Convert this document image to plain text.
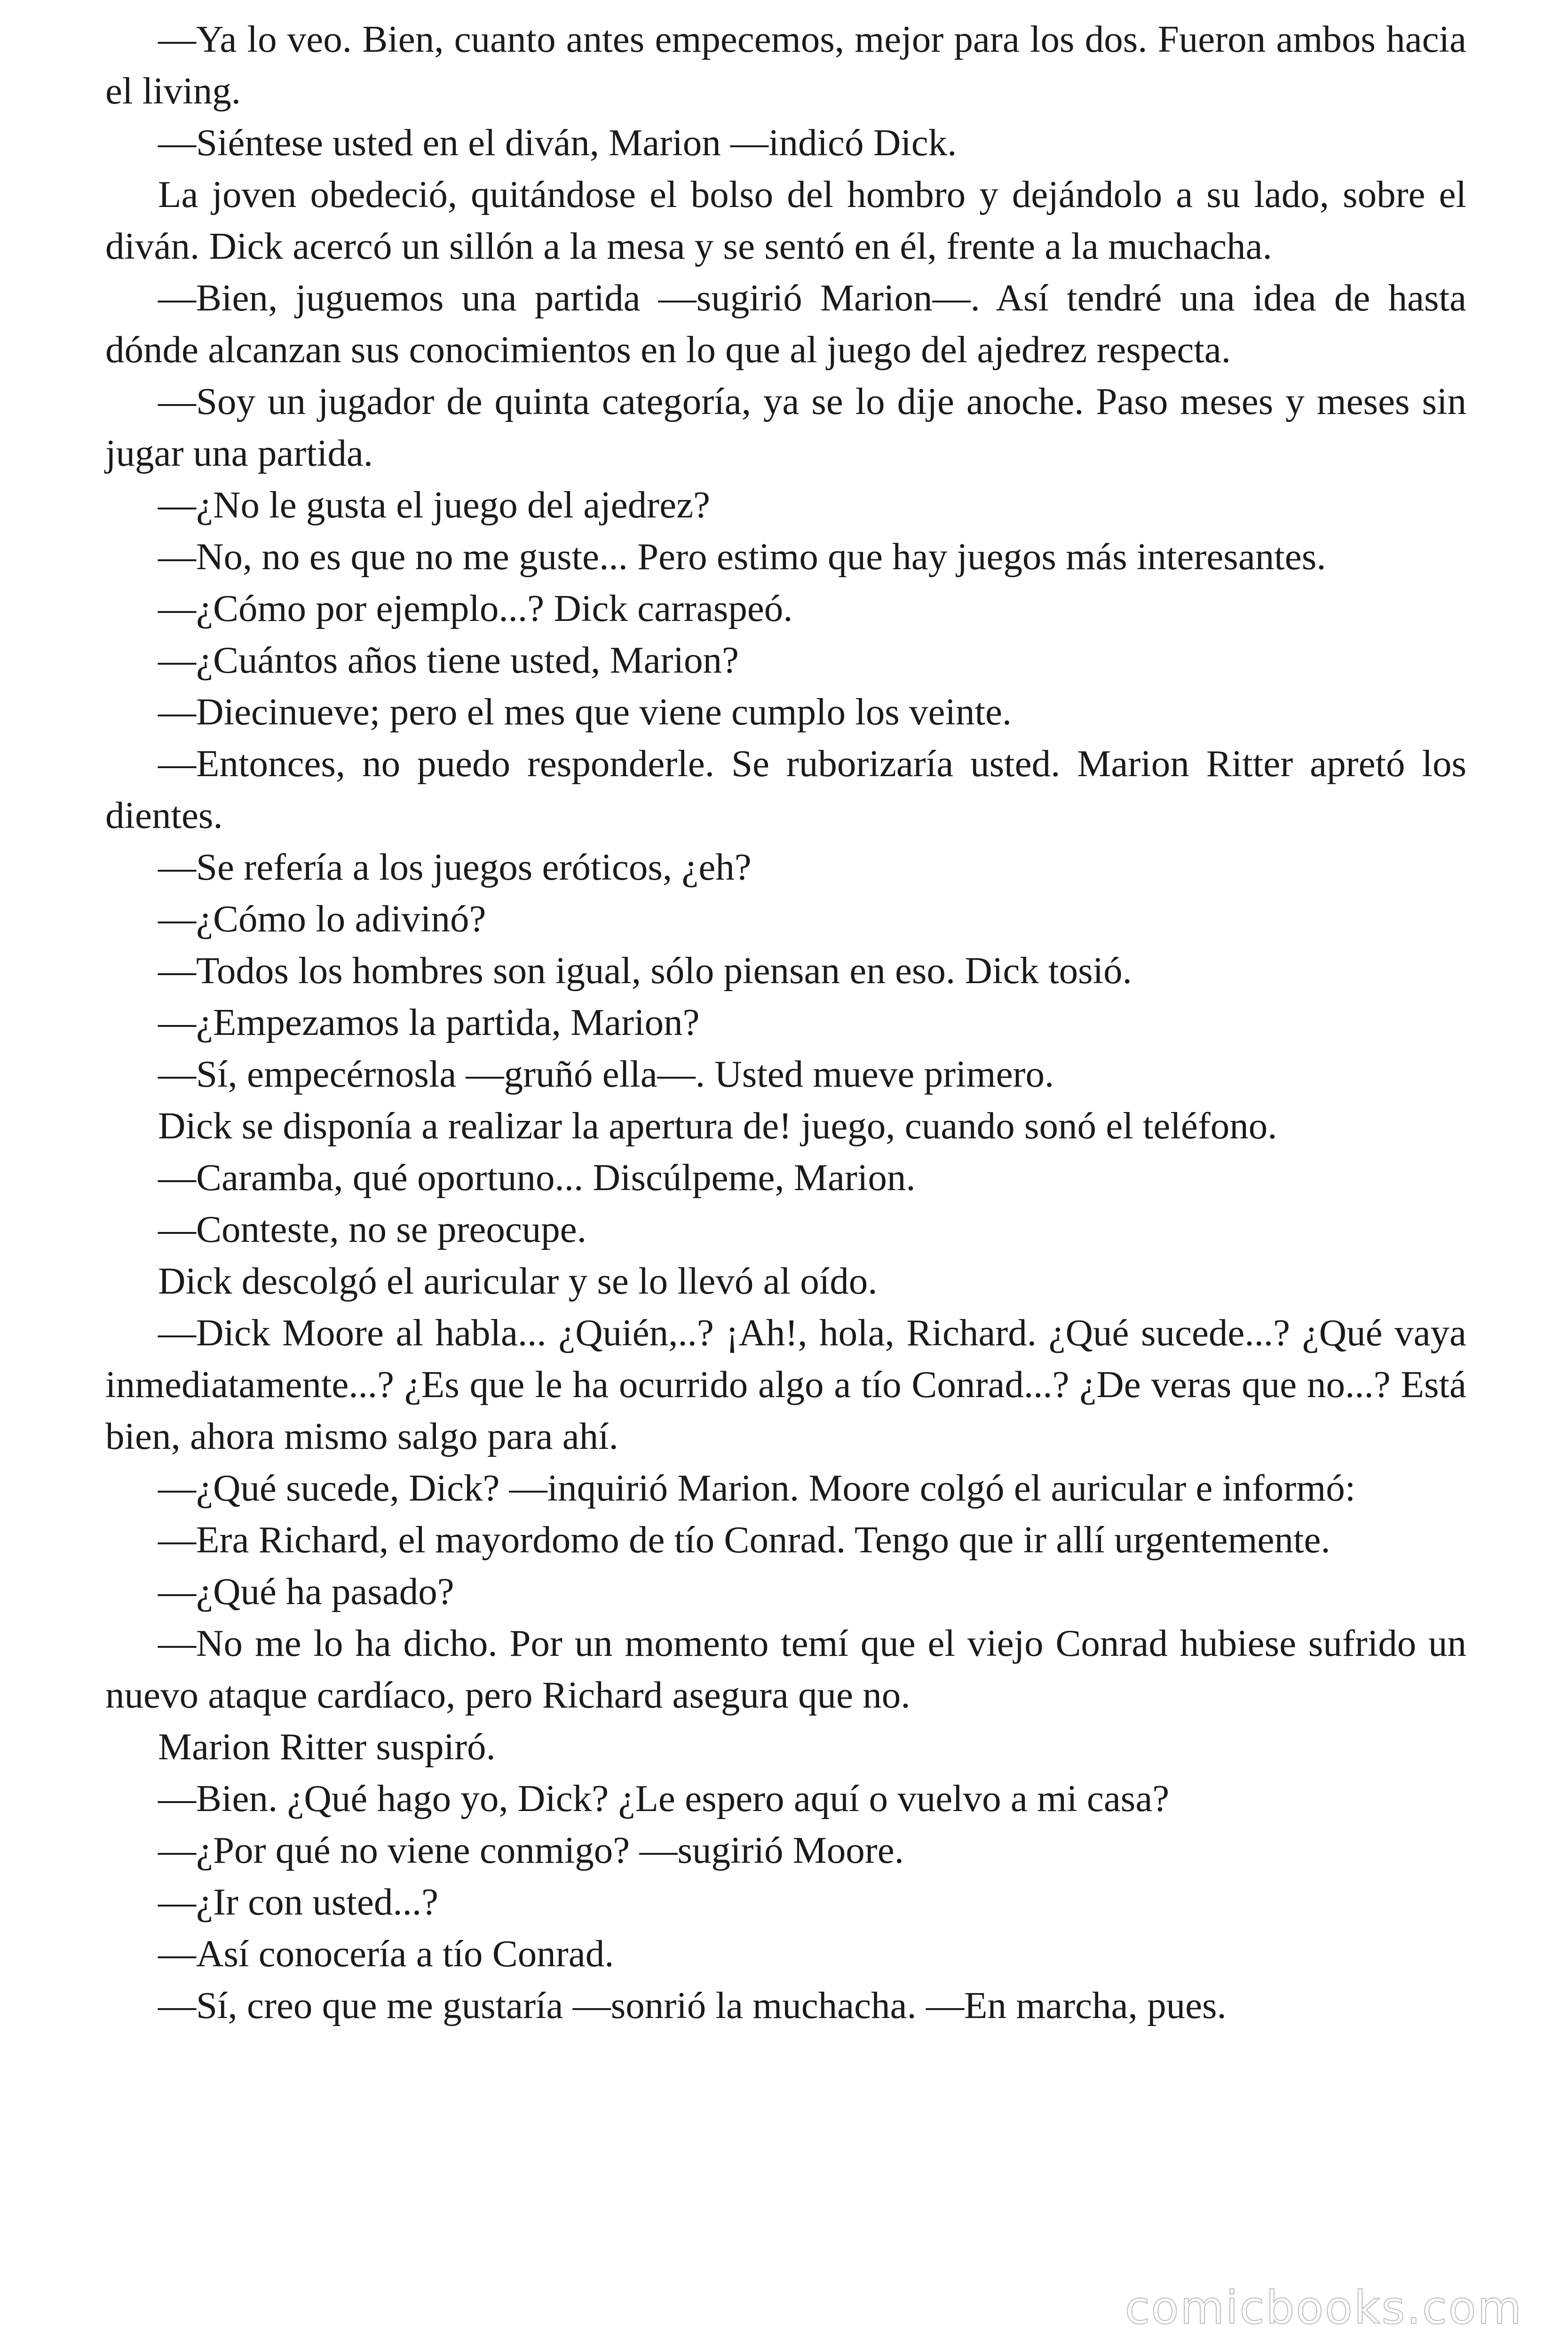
—Ya lo veo. Bien, cuanto antes empecemos, mejor para los dos. Fueron ambos hacia el living.

—Siéntese usted en el diván, Marion —indicó Dick.

La joven obedeció, quitándose el bolso del hombro y dejándolo a su lado, sobre el diván. Dick acercó un sillón a la mesa y se sentó en él, frente a la muchacha.

—Bien, juguemos una partida —sugirió Marion—. Así tendré una idea de hasta dónde alcanzan sus conocimientos en lo que al juego del ajedrez respecta.

—Soy un jugador de quinta categoría, ya se lo dije anoche. Paso meses y meses sin jugar una partida.

—¿No le gusta el juego del ajedrez?

—No, no es que no me guste... Pero estimo que hay juegos más interesantes.

—¿Cómo por ejemplo...? Dick carraspeó.

—¿Cuántos años tiene usted, Marion?

—Diecinueve; pero el mes que viene cumplo los veinte.

—Entonces, no puedo responderle. Se ruborizaría usted. Marion Ritter apretó los dientes.

—Se refería a los juegos eróticos, ¿eh?

—¿Cómo lo adivinó?

—Todos los hombres son igual, sólo piensan en eso. Dick tosió.

—¿Empezamos la partida, Marion?

—Sí, empecérnosla —gruñó ella—. Usted mueve primero.

Dick se disponía a realizar la apertura de! juego, cuando sonó el teléfono.

—Caramba, qué oportuno... Discúlpeme, Marion.

—Conteste, no se preocupe.

Dick descolgó el auricular y se lo llevó al oído.

—Dick Moore al habla... ¿Quién,..? ¡Ah!, hola, Richard. ¿Qué sucede...? ¿Qué vaya inmediatamente...? ¿Es que le ha ocurrido algo a tío Conrad...? ¿De veras que no...? Está bien, ahora mismo salgo para ahí.

—¿Qué sucede, Dick? —inquirió Marion. Moore colgó el auricular e informó:

—Era Richard, el mayordomo de tío Conrad. Tengo que ir allí urgentemente.

—¿Qué ha pasado?

—No me lo ha dicho. Por un momento temí que el viejo Conrad hubiese sufrido un nuevo ataque cardíaco, pero Richard asegura que no.

Marion Ritter suspiró.

—Bien. ¿Qué hago yo, Dick? ¿Le espero aquí o vuelvo a mi casa?

—¿Por qué no viene conmigo? —sugirió Moore.

—¿Ir con usted...?

—Así conocería a tío Conrad.

—Sí, creo que me gustaría —sonrió la muchacha. —En marcha, pues.

comicbooks.com
